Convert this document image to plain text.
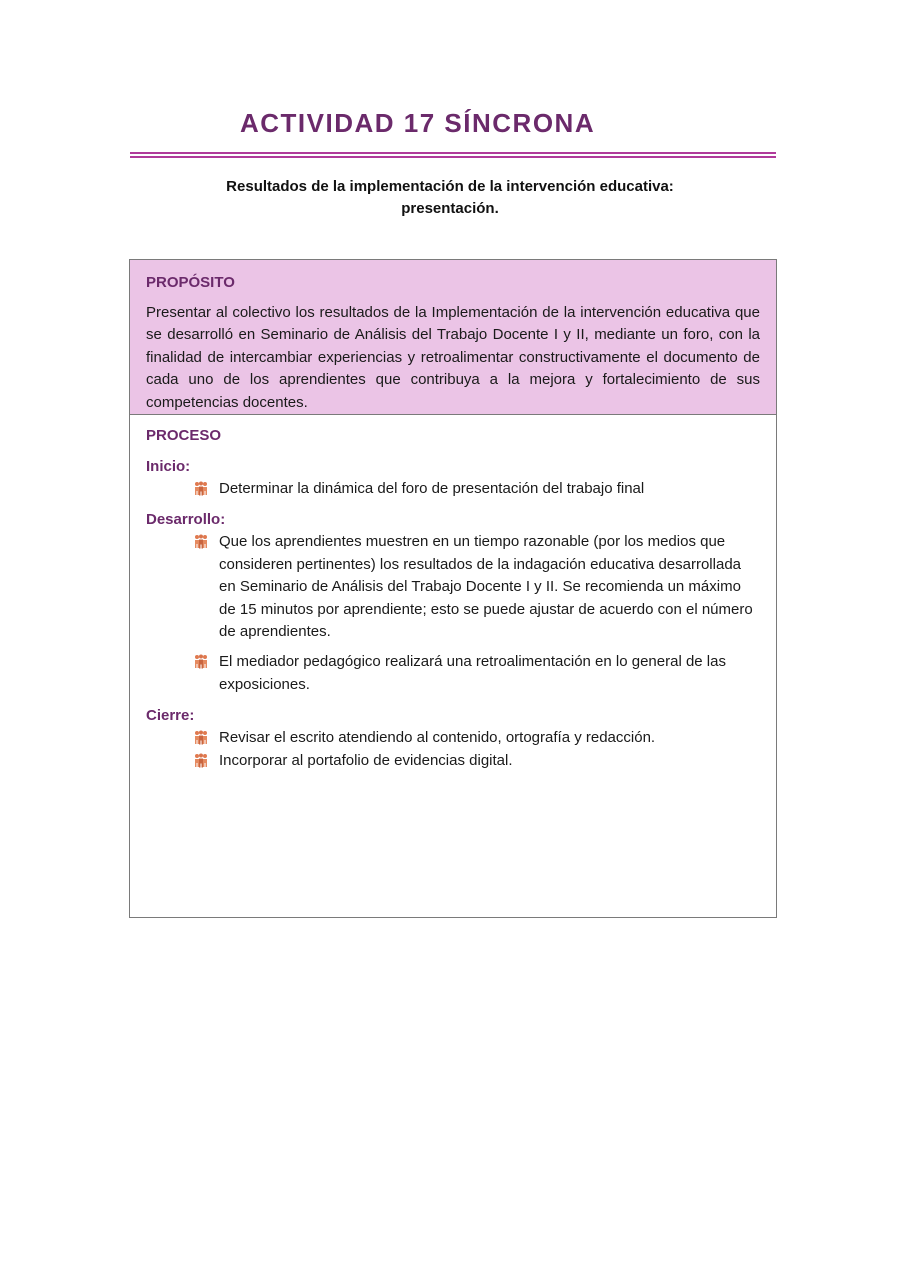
ACTIVIDAD 17 SÍNCRONA
Resultados de la implementación de la intervención educativa:
presentación.
PROPÓSITO
Presentar al colectivo los resultados de la Implementación de la intervención educativa que se desarrolló en Seminario de Análisis del Trabajo Docente I y II, mediante un foro, con la finalidad de intercambiar experiencias y retroalimentar constructivamente el documento de cada uno de los aprendientes que contribuya a la mejora y fortalecimiento de sus competencias docentes.
PROCESO
Inicio:
Determinar la dinámica del foro de presentación del trabajo final
Desarrollo:
Que los aprendientes muestren en un tiempo razonable (por los medios que consideren pertinentes) los resultados de la indagación educativa desarrollada en Seminario de Análisis del Trabajo Docente I y II. Se recomienda un máximo de 15 minutos por aprendiente; esto se puede ajustar de acuerdo con el número de aprendientes.
El mediador pedagógico realizará una retroalimentación en lo general de las exposiciones.
Cierre:
Revisar el escrito atendiendo al contenido, ortografía y redacción.
Incorporar al portafolio de evidencias digital.
